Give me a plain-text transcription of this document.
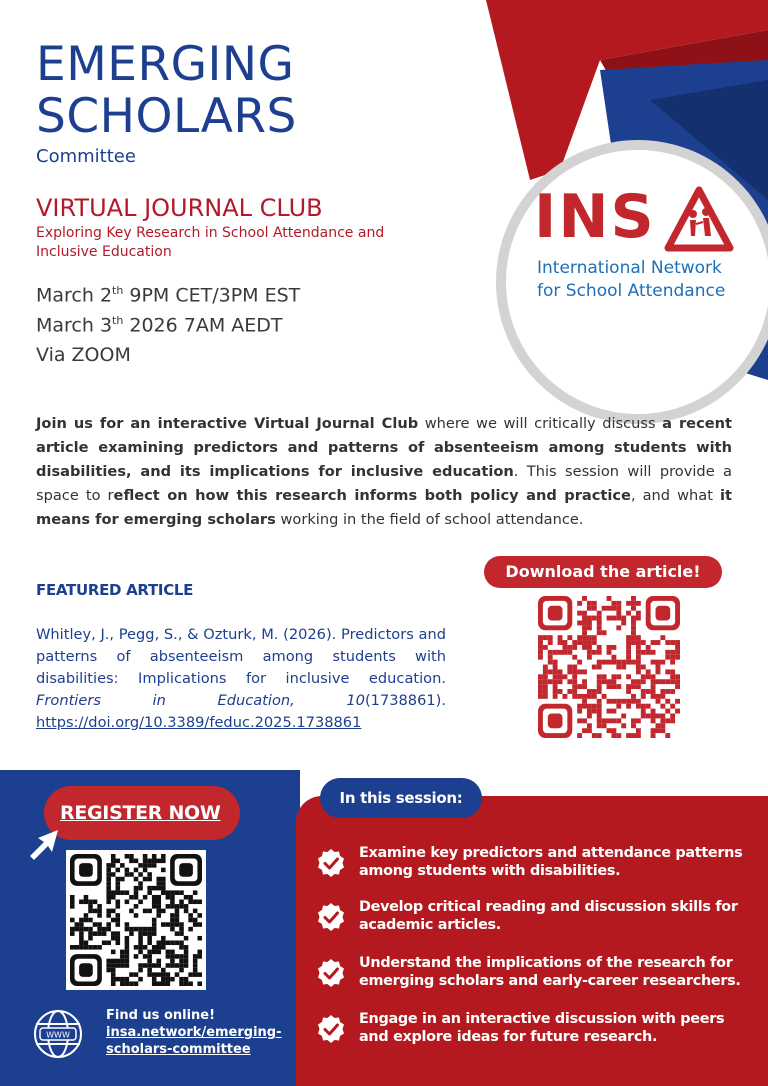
EMERGING
SCHOLARS
Committee
VIRTUAL JOURNAL CLUB
Exploring Key Research in School Attendance and Inclusive Education
March 2th 9PM CET/3PM EST
March 3th 2026 7AM AEDT
Via ZOOM
INS
International Network
for School Attendance
Join us for an interactive Virtual Journal Club where we will critically discuss a recent article examining predictors and patterns of absenteeism among students with disabilities, and its implications for inclusive education. This session will provide a space to reflect on how this research informs both policy and practice, and what it means for emerging scholars working in the field of school attendance.
FEATURED ARTICLE
Whitley, J., Pegg, S., & Ozturk, M. (2026). Predictors and patterns of absenteeism among students with disabilities: Implications for inclusive education. Frontiers in Education, 10(1738861). https://doi.org/10.3389/feduc.2025.1738861
Download the article!
REGISTER NOW
WWW
Find us online!
insa.network/emerging-
scholars-committee
In this session:
Examine key predictors and attendance patterns among students with disabilities.
Develop critical reading and discussion skills for academic articles.
Understand the implications of the research for emerging scholars and early-career researchers.
Engage in an interactive discussion with peers and explore ideas for future research.
